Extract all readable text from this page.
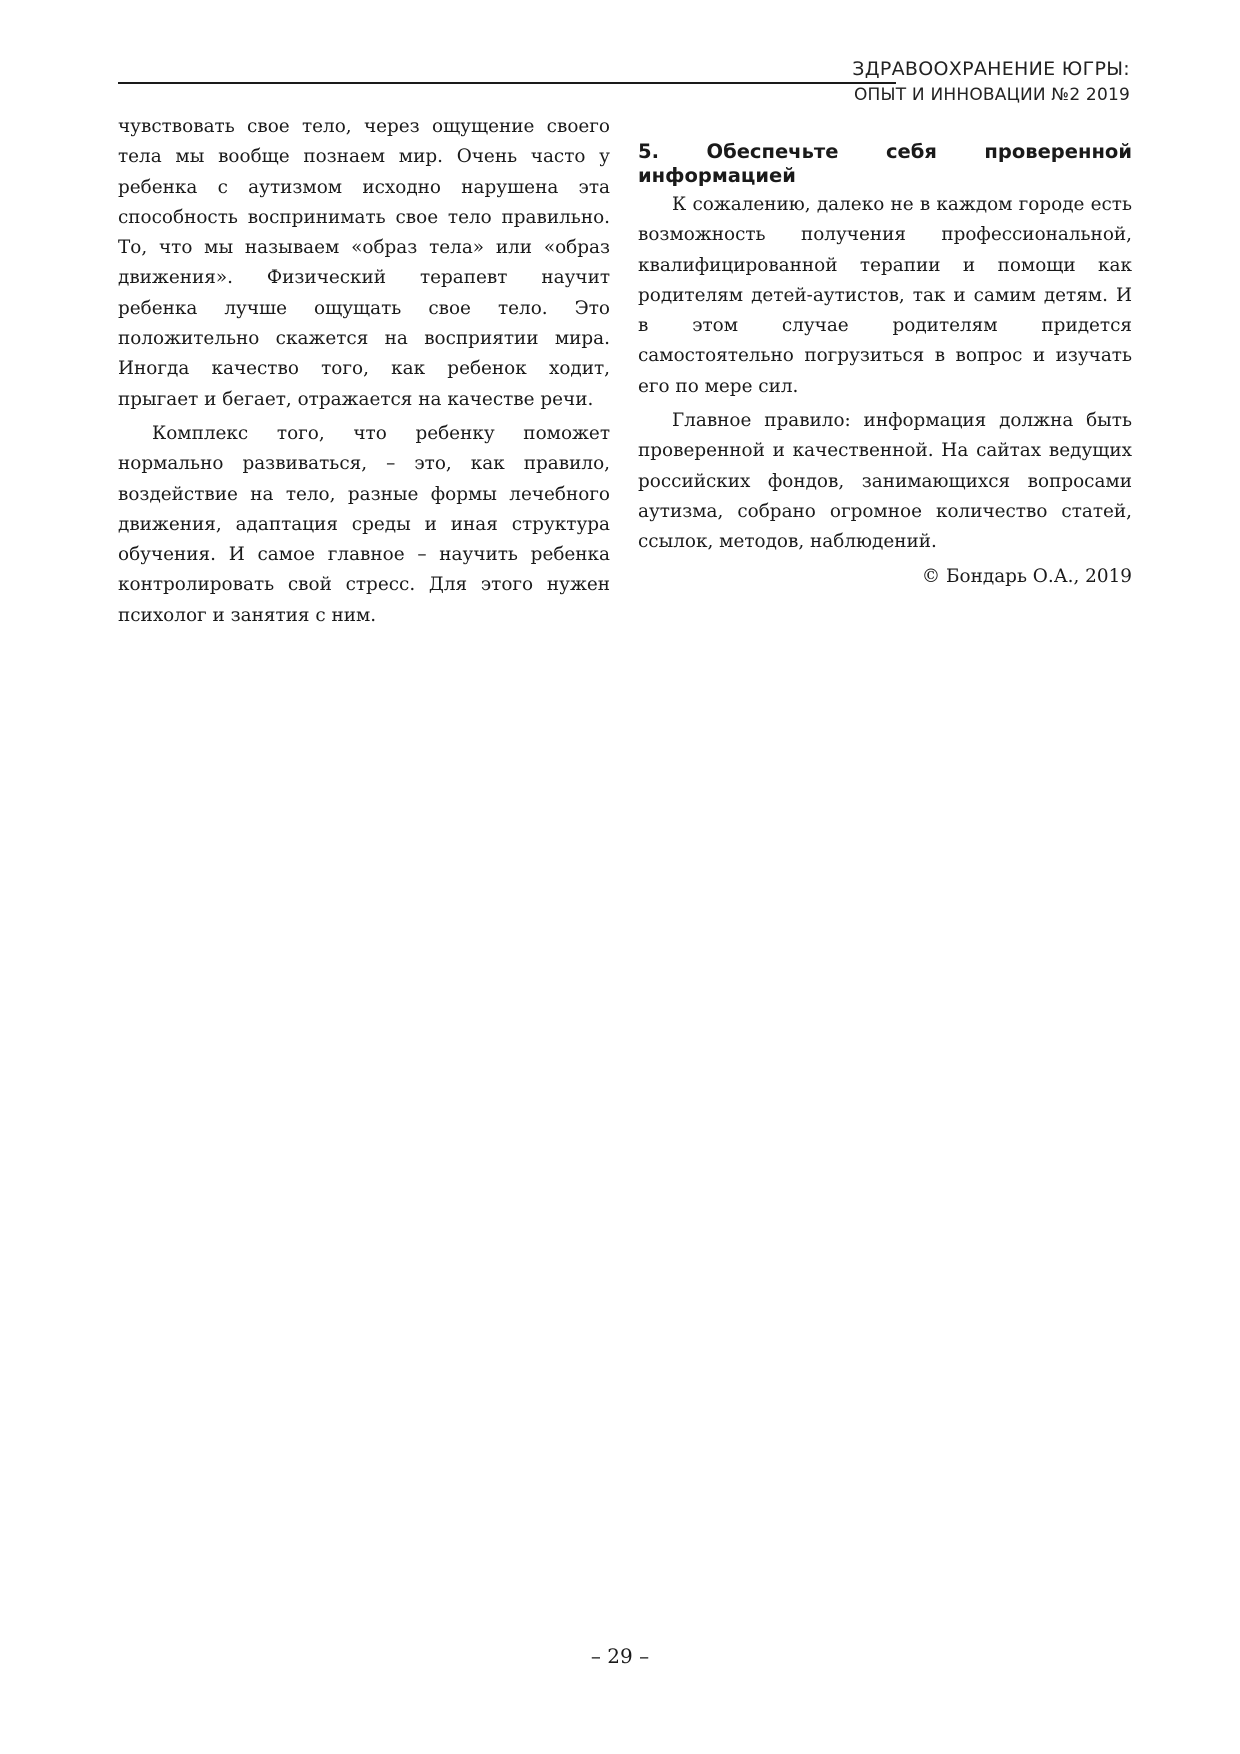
ЗДРАВООХРАНЕНИЕ ЮГРЫ:
ОПЫТ И ИННОВАЦИИ №2 2019

чувствовать свое тело, через ощущение своего тела мы вообще познаем мир. Очень часто у ребенка с аутизмом исходно нарушена эта способность воспринимать свое тело правильно. То, что мы называем «образ тела» или «образ движения». Физический терапевт научит ребенка лучше ощущать свое тело. Это положительно скажется на восприятии мира. Иногда качество того, как ребенок ходит, прыгает и бегает, отражается на качестве речи.

Комплекс того, что ребенку поможет нормально развиваться, – это, как правило, воздействие на тело, разные формы лечебного движения, адаптация среды и иная структура обучения. И самое главное – научить ребенка контролировать свой стресс. Для этого нужен психолог и занятия с ним.

5. Обеспечьте себя проверенной информацией

К сожалению, далеко не в каждом городе есть возможность получения профессиональной, квалифицированной терапии и помощи как родителям детей-аутистов, так и самим детям. И в этом случае родителям придется самостоятельно погрузиться в вопрос и изучать его по мере сил.

Главное правило: информация должна быть проверенной и качественной. На сайтах ведущих российских фондов, занимающихся вопросами аутизма, собрано огромное количество статей, ссылок, методов, наблюдений.

© Бондарь О.А., 2019

– 29 –
